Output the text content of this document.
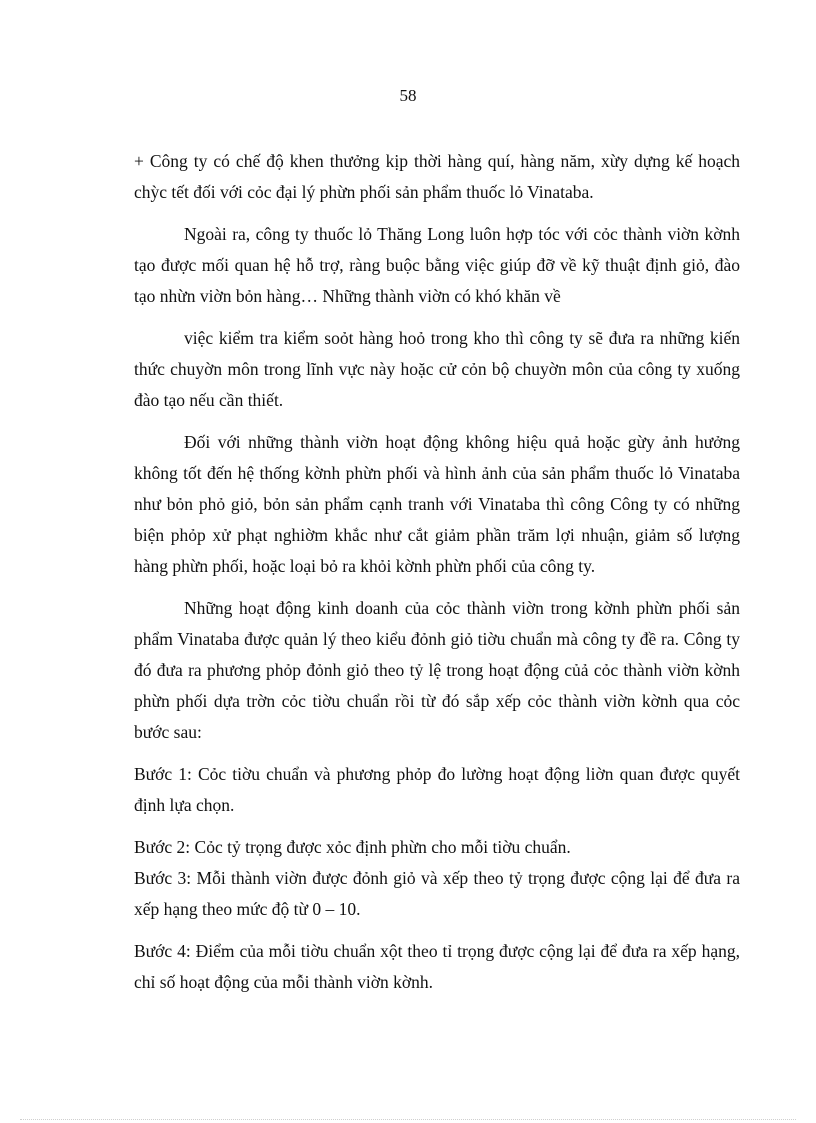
58

+ Công ty có chế độ khen thưởng kịp thời hàng quí, hàng năm, xừy dựng kế hoạch chỳc tết đối với cỏc đại lý phừn phối sản phẩm thuốc lỏ Vinataba.

Ngoài ra, công ty thuốc lỏ Thăng Long luôn hợp tóc với cỏc thành viờn kờnh tạo được mối quan hệ hỗ trợ, ràng buộc bằng việc giúp đỡ về kỹ thuật định giỏ, đào tạo nhừn viờn bỏn hàng… Những thành viờn có khó khăn về

việc kiểm tra kiểm soỏt hàng hoỏ trong kho thì công ty sẽ đưa ra những kiến thức chuyờn môn trong lĩnh vực này hoặc cử cỏn bộ chuyờn môn của công ty xuống đào tạo nếu cần thiết.

Đối với những thành viờn hoạt động không hiệu quả hoặc gừy ảnh hưởng không tốt đến hệ thống kờnh phừn phối và hình ảnh của sản phẩm thuốc lỏ Vinataba như bỏn phỏ giỏ, bỏn sản phẩm cạnh tranh với Vinataba thì công Công ty có những biện phỏp xử phạt nghiờm khắc như cắt giảm phần trăm lợi nhuận, giảm số lượng hàng phừn phối, hoặc loại bỏ ra khỏi kờnh phừn phối của công ty.

Những hoạt động kinh doanh của cỏc thành viờn trong kờnh phừn phối sản phẩm Vinataba được quản lý theo kiểu đỏnh giỏ tiờu chuẩn mà công ty đề ra. Công ty đó đưa ra phương phỏp đỏnh giỏ theo tỷ lệ trong hoạt động củả cỏc thành viờn kờnh phừn phối dựa trờn cỏc tiờu chuẩn rồi từ đó sắp xếp cỏc thành viờn kờnh qua cỏc bước sau:

Bước 1: Cỏc tiờu chuẩn và phương phỏp đo lường hoạt động liờn quan được quyết định lựa chọn.

Bước 2: Cỏc tỷ trọng được xỏc định phừn cho mỗi tiờu chuẩn.

Bước 3: Mỗi thành viờn được đỏnh giỏ và xếp theo tỷ trọng được cộng lại để đưa ra xếp hạng theo mức độ từ 0 – 10.

Bước 4: Điểm của mỗi tiờu chuẩn xột theo tỉ trọng được cộng lại để đưa ra xếp hạng, chỉ số hoạt động của mỗi thành viờn kờnh.
